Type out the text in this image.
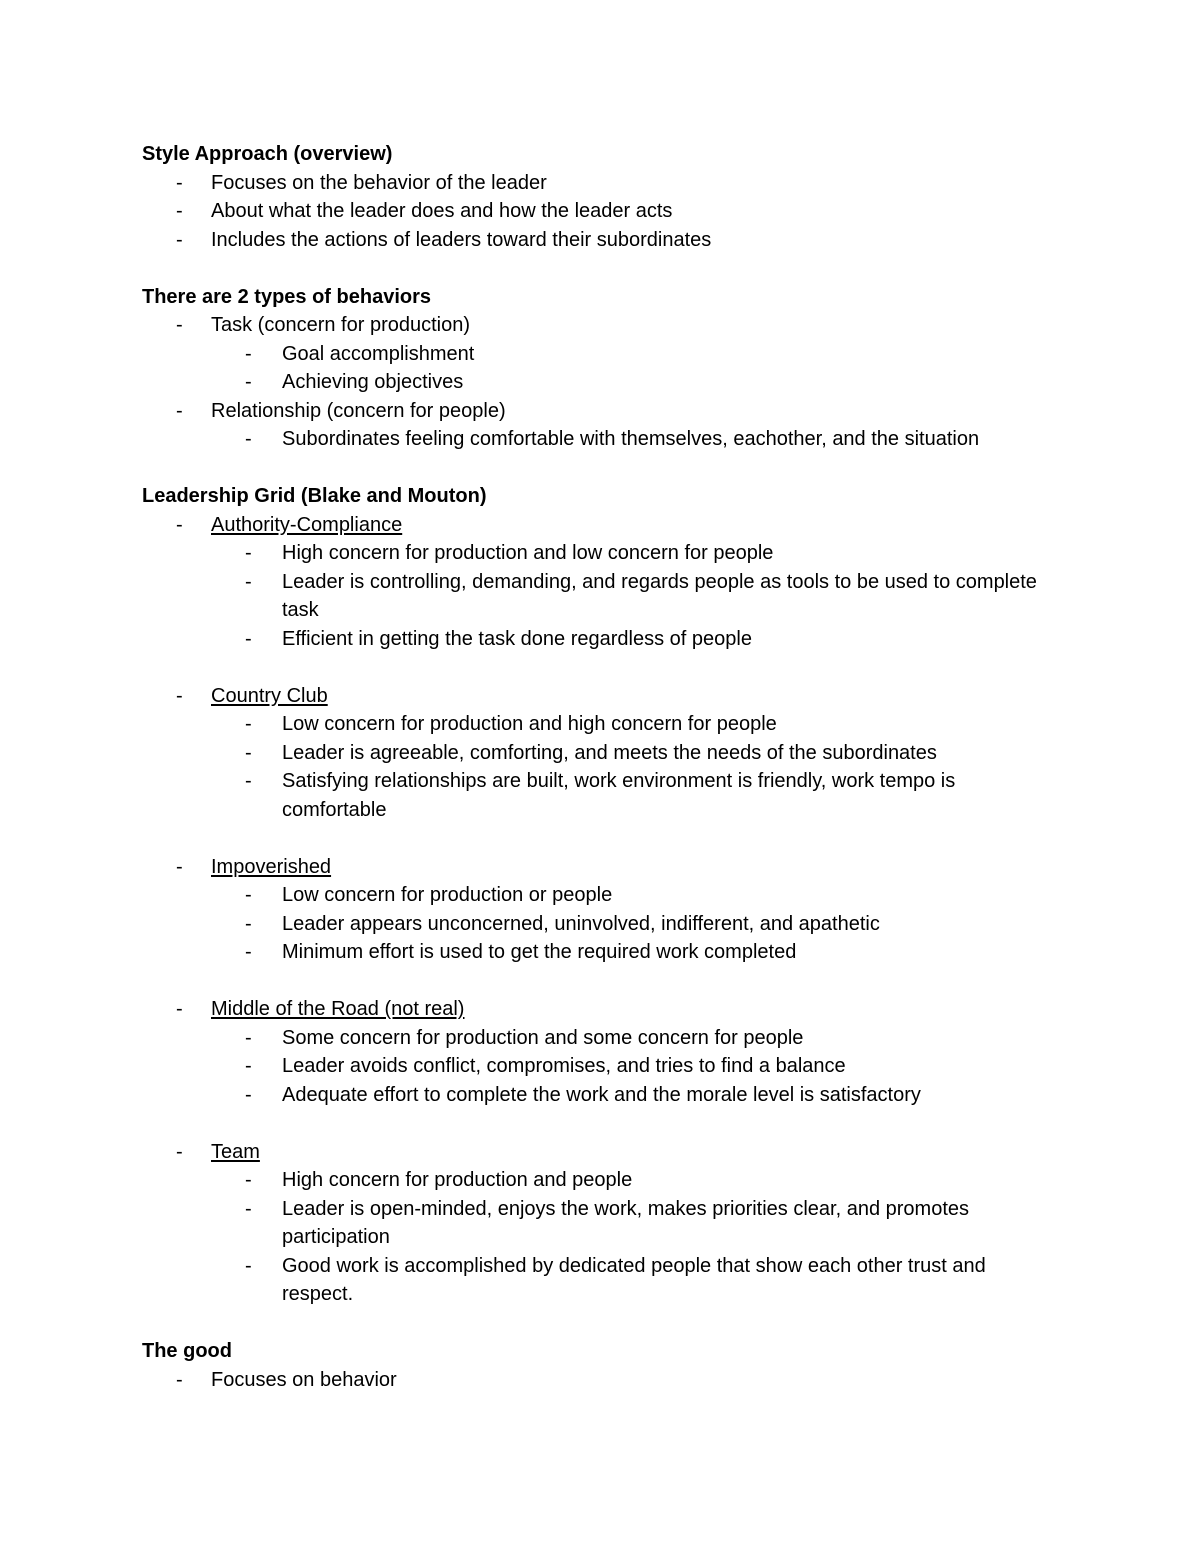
Style Approach (overview)
-	Focuses on the behavior of the leader
-	About what the leader does and how the leader acts
-	Includes the actions of leaders toward their subordinates
There are 2 types of behaviors
-	Task (concern for production)
-	Goal accomplishment
-	Achieving objectives
-	Relationship (concern for people)
-	Subordinates feeling comfortable with themselves, eachother, and the situation
Leadership Grid (Blake and Mouton)
-	Authority-Compliance
-	High concern for production and low concern for people
-	Leader is controlling, demanding, and regards people as tools to be used to complete task
-	Efficient in getting the task done regardless of people
-	Country Club
-	Low concern for production and high concern for people
-	Leader is agreeable, comforting, and meets the needs of the subordinates
-	Satisfying relationships are built, work environment is friendly, work tempo is comfortable
-	Impoverished
-	Low concern for production or people
-	Leader appears unconcerned, uninvolved, indifferent, and apathetic
-	Minimum effort is used to get the required work completed
-	Middle of the Road (not real)
-	Some concern for production and some concern for people
-	Leader avoids conflict, compromises, and tries to find a balance
-	Adequate effort to complete the work and the morale level is satisfactory
-	Team
-	High concern for production and people
-	Leader is open-minded, enjoys the work, makes priorities clear, and promotes participation
-	Good work is accomplished by dedicated people that show each other trust and respect.
The good
-	Focuses on behavior
